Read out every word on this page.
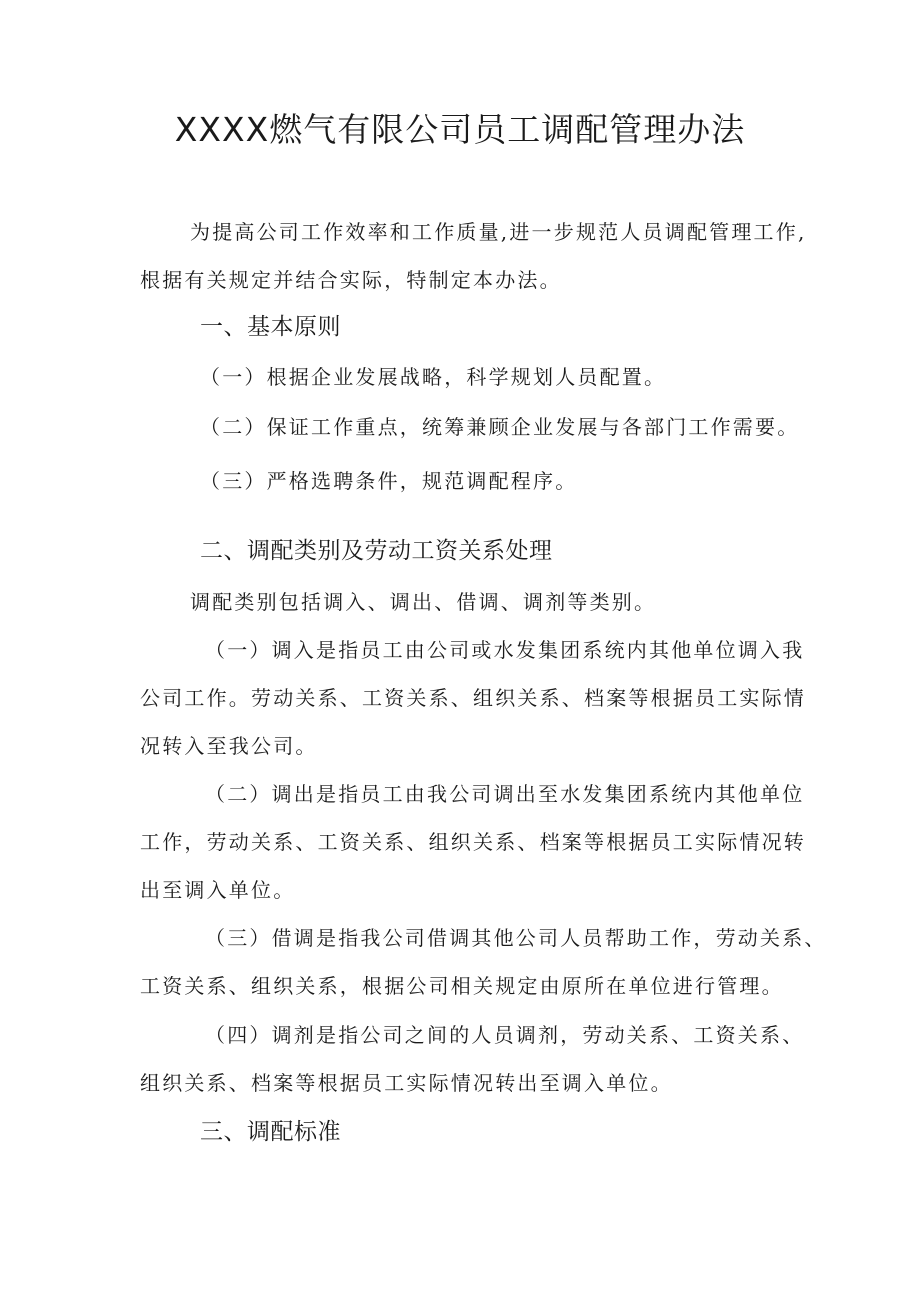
XXXX燃气有限公司员工调配管理办法

为提高公司工作效率和工作质量,进一步规范人员调配管理工作,

根据有关规定并结合实际，特制定本办法。

一、基本原则

（一）根据企业发展战略，科学规划人员配置。

（二）保证工作重点，统筹兼顾企业发展与各部门工作需要。

（三）严格选聘条件，规范调配程序。

二、调配类别及劳动工资关系处理

调配类别包括调入、调出、借调、调剂等类别。

（一）调入是指员工由公司或水发集团系统内其他单位调入我

公司工作。劳动关系、工资关系、组织关系、档案等根据员工实际情

况转入至我公司。

（二）调出是指员工由我公司调出至水发集团系统内其他单位

工作，劳动关系、工资关系、组织关系、档案等根据员工实际情况转

出至调入单位。

（三）借调是指我公司借调其他公司人员帮助工作，劳动关系、

工资关系、组织关系，根据公司相关规定由原所在单位进行管理。

（四）调剂是指公司之间的人员调剂，劳动关系、工资关系、

组织关系、档案等根据员工实际情况转出至调入单位。

三、调配标准
